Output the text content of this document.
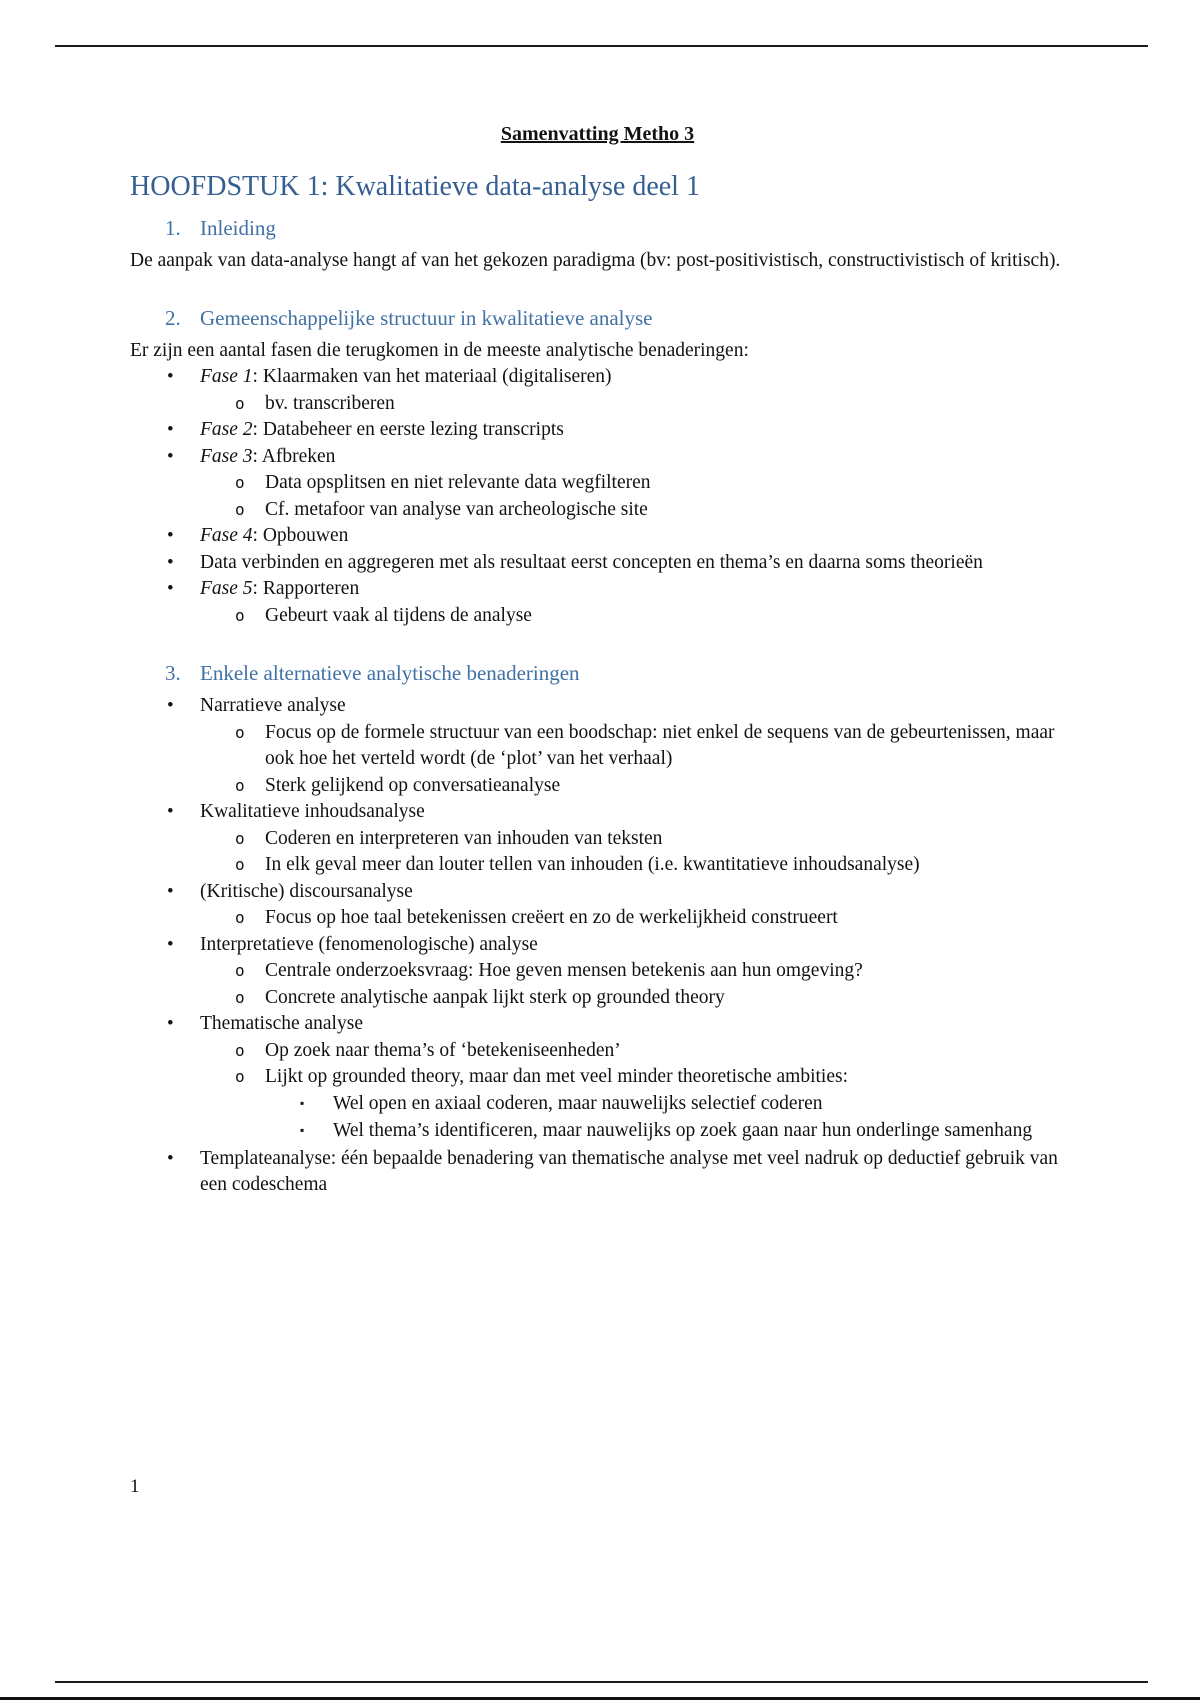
Samenvatting Metho 3

HOOFDSTUK 1: Kwalitatieve data-analyse deel 1
1. Inleiding

De aanpak van data-analyse hangt af van het gekozen paradigma (bv: post-positivistisch, constructivistisch of kritisch).

2. Gemeenschappelijke structuur in kwalitatieve analyse

Er zijn een aantal fasen die terugkomen in de meeste analytische benaderingen:

•

Fase 1: Klaarmaken van het materiaal (digitaliseren)

o

bv. transcriberen

•

Fase 2: Databeheer en eerste lezing transcripts

•

Fase 3: Afbreken

o

Data opsplitsen en niet relevante data wegfilteren

o

Cf. metafoor van analyse van archeologische site

•

Fase 4: Opbouwen

•

Data verbinden en aggregeren met als resultaat eerst concepten en thema’s en daarna soms theorieën

•

Fase 5: Rapporteren

o

Gebeurt vaak al tijdens de analyse

3. Enkele alternatieve analytische benaderingen
•

Narratieve analyse

o

Focus op de formele structuur van een boodschap: niet enkel de sequens van de gebeurtenissen, maar ook hoe het verteld wordt (de ‘plot’ van het verhaal)

o

Sterk gelijkend op conversatieanalyse

•

Kwalitatieve inhoudsanalyse

o

Coderen en interpreteren van inhouden van teksten

o

In elk geval meer dan louter tellen van inhouden (i.e. kwantitatieve inhoudsanalyse)

•

(Kritische) discoursanalyse

o

Focus op hoe taal betekenissen creëert en zo de werkelijkheid construeert

•

Interpretatieve (fenomenologische) analyse

o

Centrale onderzoeksvraag: Hoe geven mensen betekenis aan hun omgeving?

o

Concrete analytische aanpak lijkt sterk op grounded theory

•

Thematische analyse

o

Op zoek naar thema’s of ‘betekeniseenheden’

o

Lijkt op grounded theory, maar dan met veel minder theoretische ambities:

▪

Wel open en axiaal coderen, maar nauwelijks selectief coderen

▪

Wel thema’s identificeren, maar nauwelijks op zoek gaan naar hun onderlinge samenhang

•

Templateanalyse: één bepaalde benadering van thematische analyse met veel nadruk op deductief gebruik van een codeschema

1
